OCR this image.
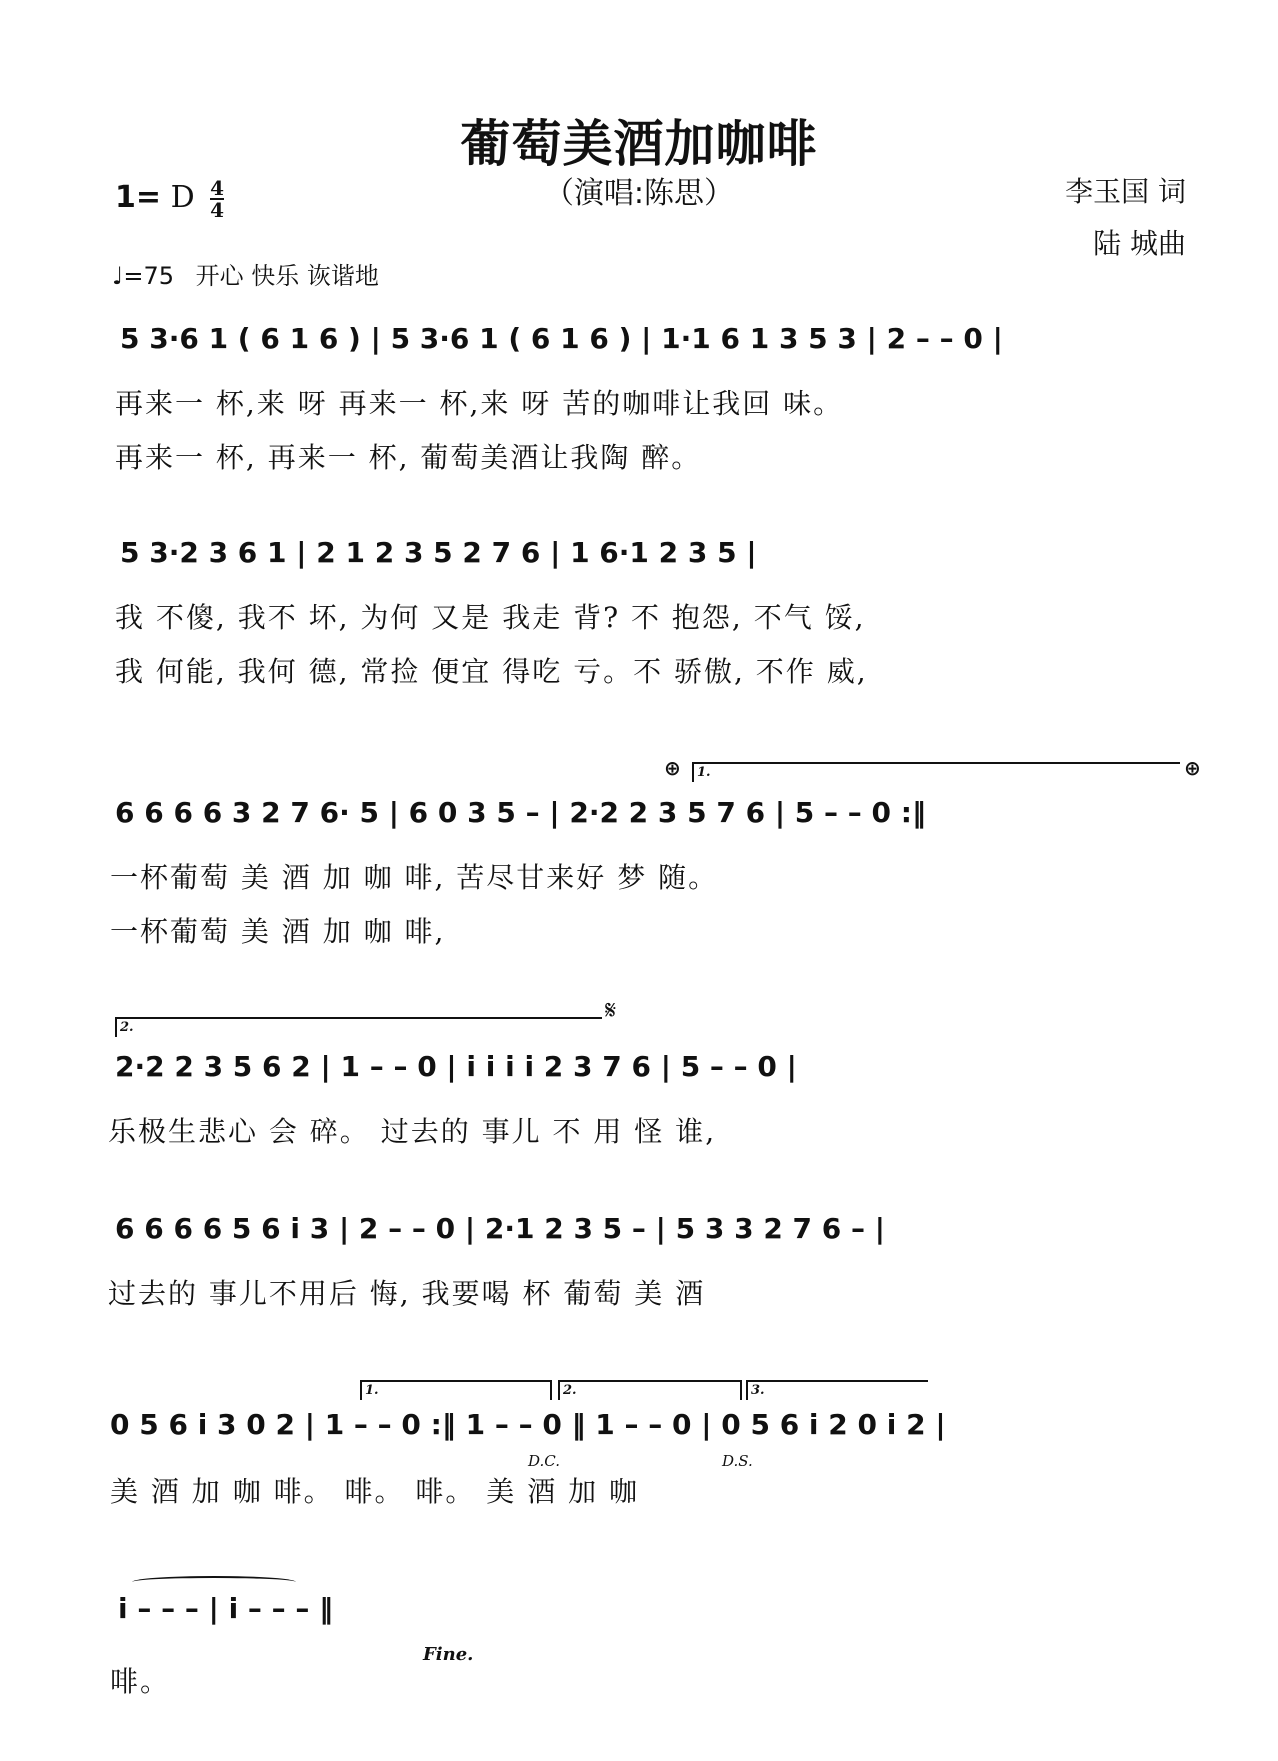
葡萄美酒加咖啡
（演唱:陈思）	李玉国 词
陆 城曲
1= D $\frac{4}{4}$
♩=75 开心 快乐 诙谐地
5 3·6 1 ( 6 1 6 ) | 5 3·6 1 ( 6 1 6 ) | 1·1 6 1 3 5 3 | 2 – – 0 |
再来一 杯,来 呀 再来一 杯,来 呀 苦的咖啡让我回 味。
再来一 杯, 再来一 杯, 葡萄美酒让我陶 醉。
5 3·2 3 6 1 | 2 1 2 3 5 2 7 6 | 1 6·1 2 3 5 |
我 不傻, 我不 坏, 为何 又是 我走 背? 不 抱怨, 不气 馁,
我 何能, 我何 德, 常捡 便宜 得吃 亏。不 骄傲, 不作 威,
⊕ 1.	⊕
6 6 6 6 3 2 7 6· 5 | 6 0 3 5 – | 2·2 2 3 5 7 6 | 5 – – 0 :‖
一杯葡萄 美 酒 加 咖 啡, 苦尽甘来好 梦 随。
一杯葡萄 美 酒 加 咖 啡,
2.
𝄋
2·2 2 3 5 6 2 | 1 – – 0 | i i i i 2 3 7 6 | 5 – – 0 |
乐极生悲心 会 碎。 过去的 事儿 不 用 怪 谁,
6 6 6 6 5 6 i 3 | 2 – – 0 | 2·1 2 3 5 – | 5 3 3 2 7 6 – |
过去的 事儿不用后 悔, 我要喝 杯 葡萄 美 酒
1.	2.	3.
0 5 6 i 3 0 2 | 1 – – 0 :‖ 1 – – 0 ‖ 1 – – 0 | 0 5 6 i 2 0 i 2 |
D.C.	D.S.
美 酒 加 咖 啡。 啡。 啡。 美 酒 加 咖
i – – – | i – – – ‖
Fine.
啡。
